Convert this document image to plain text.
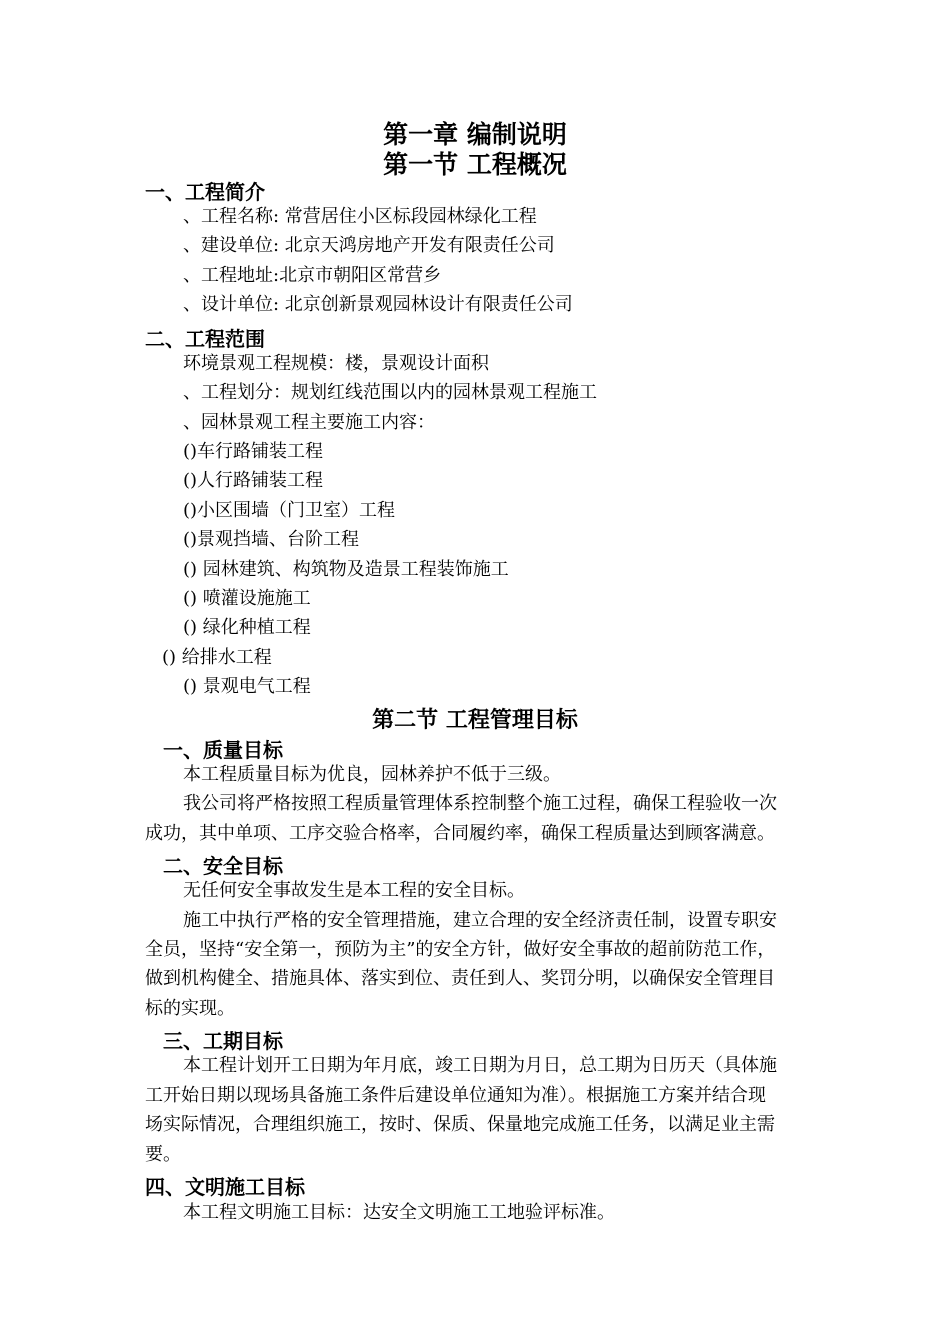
第一章 编制说明
第一节 工程概况
一、工程简介
、工程名称: 常营居住小区标段园林绿化工程
、建设单位: 北京天鸿房地产开发有限责任公司
、工程地址:北京市朝阳区常营乡
、设计单位: 北京创新景观园林设计有限责任公司
二、工程范围
环境景观工程规模：楼，景观设计面积
、工程划分：规划红线范围以内的园林景观工程施工
、园林景观工程主要施工内容：
()车行路铺装工程
()人行路铺装工程
()小区围墙（门卫室）工程
()景观挡墙、台阶工程
() 园林建筑、构筑物及造景工程装饰施工
() 喷灌设施施工
() 绿化种植工程
() 给排水工程
() 景观电气工程
第二节 工程管理目标
一、质量目标
本工程质量目标为优良，园林养护不低于三级。
我公司将严格按照工程质量管理体系控制整个施工过程，确保工程验收一次
成功，其中单项、工序交验合格率，合同履约率，确保工程质量达到顾客满意。
二、安全目标
无任何安全事故发生是本工程的安全目标。
施工中执行严格的安全管理措施，建立合理的安全经济责任制，设置专职安
全员，坚持“安全第一，预防为主”的安全方针，做好安全事故的超前防范工作，
做到机构健全、措施具体、落实到位、责任到人、奖罚分明，以确保安全管理目
标的实现。
三、工期目标
本工程计划开工日期为年月底，竣工日期为月日，总工期为日历天（具体施
工开始日期以现场具备施工条件后建设单位通知为准）。根据施工方案并结合现
场实际情况，合理组织施工，按时、保质、保量地完成施工任务，以满足业主需
要。
四、文明施工目标
本工程文明施工目标：达安全文明施工工地验评标准。
